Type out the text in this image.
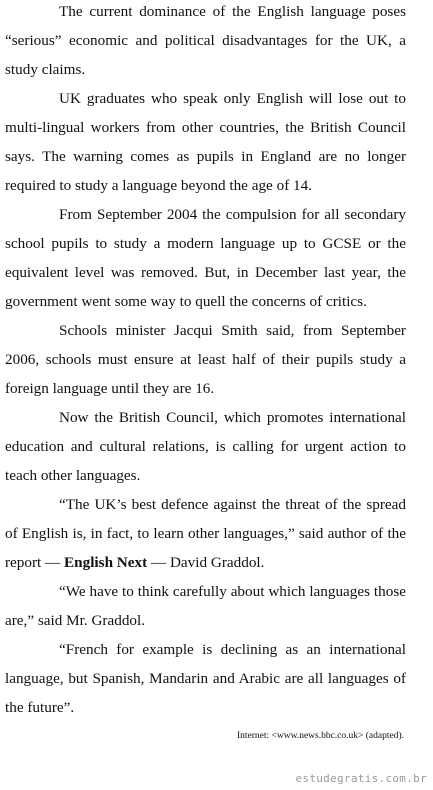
The current dominance of the English language poses “serious” economic and political disadvantages for the UK, a study claims.

UK graduates who speak only English will lose out to multi-lingual workers from other countries, the British Council says. The warning comes as pupils in England are no longer required to study a language beyond the age of 14.

From September 2004 the compulsion for all secondary school pupils to study a modern language up to GCSE or the equivalent level was removed. But, in December last year, the government went some way to quell the concerns of critics.

Schools minister Jacqui Smith said, from September 2006, schools must ensure at least half of their pupils study a foreign language until they are 16.

Now the British Council, which promotes international education and cultural relations, is calling for urgent action to teach other languages.

“The UK’s best defence against the threat of the spread of English is, in fact, to learn other languages,” said author of the report — English Next — David Graddol.

“We have to think carefully about which languages those are,” said Mr. Graddol.

“French for example is declining as an international language, but Spanish, Mandarin and Arabic are all languages of the future”.

Internet: <www.news.bbc.co.uk> (adapted).
estudegratis.com.br
